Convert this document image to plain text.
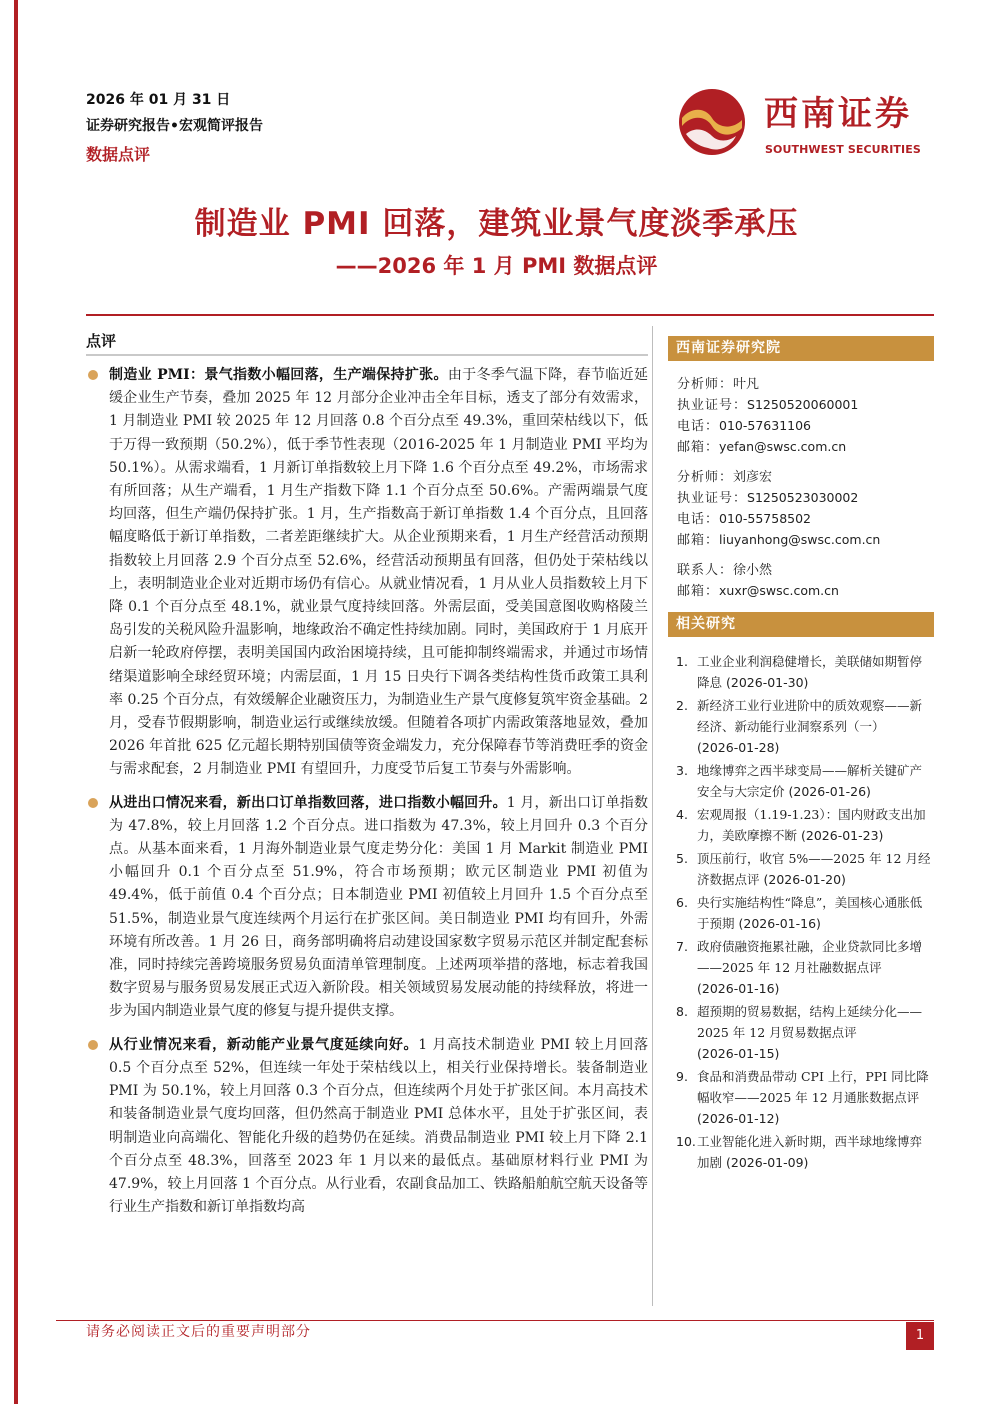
2026 年 01 月 31 日
证券研究报告•宏观简评报告
数据点评
西南证券
SOUTHWEST SECURITIES
制造业 PMI 回落，建筑业景气度淡季承压
——2026 年 1 月 PMI 数据点评
点评
制造业 PMI：景气指数小幅回落，生产端保持扩张。由于冬季气温下降，春节临近延缓企业生产节奏，叠加 2025 年 12 月部分企业冲击全年目标，透支了部分有效需求，1 月制造业 PMI 较 2025 年 12 月回落 0.8 个百分点至 49.3%，重回荣枯线以下，低于万得一致预期（50.2%），低于季节性表现（2016-2025 年 1 月制造业 PMI 平均为 50.1%）。从需求端看，1 月新订单指数较上月下降 1.6 个百分点至 49.2%，市场需求有所回落；从生产端看，1 月生产指数下降 1.1 个百分点至 50.6%。产需两端景气度均回落，但生产端仍保持扩张。1 月，生产指数高于新订单指数 1.4 个百分点，且回落幅度略低于新订单指数，二者差距继续扩大。从企业预期来看，1 月生产经营活动预期指数较上月回落 2.9 个百分点至 52.6%，经营活动预期虽有回落，但仍处于荣枯线以上，表明制造业企业对近期市场仍有信心。从就业情况看，1 月从业人员指数较上月下降 0.1 个百分点至 48.1%，就业景气度持续回落。外需层面，受美国意图收购格陵兰岛引发的关税风险升温影响，地缘政治不确定性持续加剧。同时，美国政府于 1 月底开启新一轮政府停摆，表明美国国内政治困境持续，且可能抑制终端需求，并通过市场情绪渠道影响全球经贸环境；内需层面，1 月 15 日央行下调各类结构性货币政策工具利率 0.25 个百分点，有效缓解企业融资压力，为制造业生产景气度修复筑牢资金基础。2 月，受春节假期影响，制造业运行或继续放缓。但随着各项扩内需政策落地显效，叠加 2026 年首批 625 亿元超长期特别国债等资金端发力，充分保障春节等消费旺季的资金与需求配套，2 月制造业 PMI 有望回升，力度受节后复工节奏与外需影响。
从进出口情况来看，新出口订单指数回落，进口指数小幅回升。1 月，新出口订单指数为 47.8%，较上月回落 1.2 个百分点。进口指数为 47.3%，较上月回升 0.3 个百分点。从基本面来看，1 月海外制造业景气度走势分化：美国 1 月 Markit 制造业 PMI 小幅回升 0.1 个百分点至 51.9%，符合市场预期；欧元区制造业 PMI 初值为 49.4%，低于前值 0.4 个百分点；日本制造业 PMI 初值较上月回升 1.5 个百分点至 51.5%，制造业景气度连续两个月运行在扩张区间。美日制造业 PMI 均有回升，外需环境有所改善。1 月 26 日，商务部明确将启动建设国家数字贸易示范区并制定配套标准，同时持续完善跨境服务贸易负面清单管理制度。上述两项举措的落地，标志着我国数字贸易与服务贸易发展正式迈入新阶段。相关领域贸易发展动能的持续释放，将进一步为国内制造业景气度的修复与提升提供支撑。
从行业情况来看，新动能产业景气度延续向好。1 月高技术制造业 PMI 较上月回落 0.5 个百分点至 52%，但连续一年处于荣枯线以上，相关行业保持增长。装备制造业 PMI 为 50.1%，较上月回落 0.3 个百分点，但连续两个月处于扩张区间。本月高技术和装备制造业景气度均回落，但仍然高于制造业 PMI 总体水平，且处于扩张区间，表明制造业向高端化、智能化升级的趋势仍在延续。消费品制造业 PMI 较上月下降 2.1 个百分点至 48.3%，回落至 2023 年 1 月以来的最低点。基础原材料行业 PMI 为 47.9%，较上月回落 1 个百分点。从行业看，农副食品加工、铁路船舶航空航天设备等行业生产指数和新订单指数均高
西南证券研究院
分析师：叶凡
执业证号：S1250520060001
电话：010-57631106
邮箱：yefan@swsc.com.cn
分析师：刘彦宏
执业证号：S1250523030002
电话：010-55758502
邮箱：liuyanhong@swsc.com.cn
联系人：徐小然
邮箱：xuxr@swsc.com.cn
相关研究
1. 工业企业利润稳健增长，美联储如期暂停降息 (2026-01-30)
2. 新经济工业行业进阶中的质效观察——新经济、新动能行业洞察系列（一） (2026-01-28)
3. 地缘博弈之西半球变局——解析关键矿产安全与大宗定价 (2026-01-26)
4. 宏观周报（1.19-1.23）：国内财政支出加力，美欧摩擦不断 (2026-01-23)
5. 顶压前行，收官 5%——2025 年 12 月经济数据点评 (2026-01-20)
6. 央行实施结构性“降息”，美国核心通胀低于预期 (2026-01-16)
7. 政府债融资拖累社融，企业贷款同比多增——2025 年 12 月社融数据点评 (2026-01-16)
8. 超预期的贸易数据，结构上延续分化——2025 年 12 月贸易数据点评 (2026-01-15)
9. 食品和消费品带动 CPI 上行，PPI 同比降幅收窄——2025 年 12 月通胀数据点评 (2026-01-12)
10. 工业智能化进入新时期，西半球地缘博弈加剧 (2026-01-09)
请务必阅读正文后的重要声明部分	1
